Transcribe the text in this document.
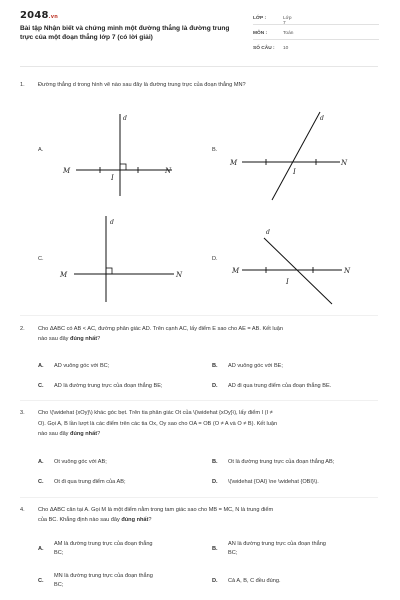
2048.vn
Bài tập Nhận biết và chứng minh một đường thẳng là đường trung trực của một đoạn thẳng lớp 7 (có lời giải)
LỚP :	Lớp 7
MÔN :	Toán
SỐ CÂU :	10
1. Đường thẳng d trong hình vẽ nào sau đây là đường trung trực của đoạn thẳng MN?
A.	B.
C.	D.
M	N
I
d
M	N
I
d
M	N
d
M	N
I
d
2. Cho ΔABC có AB < AC, đường phân giác AD. Trên cạnh AC, lấy điểm E sao cho AE = AB. Kết luận
nào sau đây đúng nhất?
A. AD vuông góc với BC;	B. AD vuông góc với BE;
C. AD là đường trung trực của đoạn thẳng BE;	D. AD đi qua trung điểm của đoạn thẳng BE.
3. Cho \(\widehat {xOy}\) khác góc bẹt. Trên tia phân giác Ot của \(\widehat {xOy}\), lấy điểm I (I ≠
O). Gọi A, B lần lượt là các điểm trên các tia Ox, Oy sao cho OA = OB (O ≠ A và O ≠ B). Kết luận
nào sau đây đúng nhất?
A. Ot vuông góc với AB;	B. Ot là đường trung trực của đoạn thẳng AB;
C. Ot đi qua trung điểm của AB;	D. \(\widehat {OAI} \ne \widehat {OBI}\).
4. Cho ΔABC cân tại A. Gọi M là một điểm nằm trong tam giác sao cho MB = MC, N là trung điểm
của BC. Khẳng định nào sau đây đúng nhất?
A.
AM là đường trung trực của đoạn thẳng
BC;
B.
AN là đường trung trực của đoạn thẳng
BC;
C.
MN là đường trung trực của đoạn thẳng
BC;
D. Cả A, B, C đều đúng.
